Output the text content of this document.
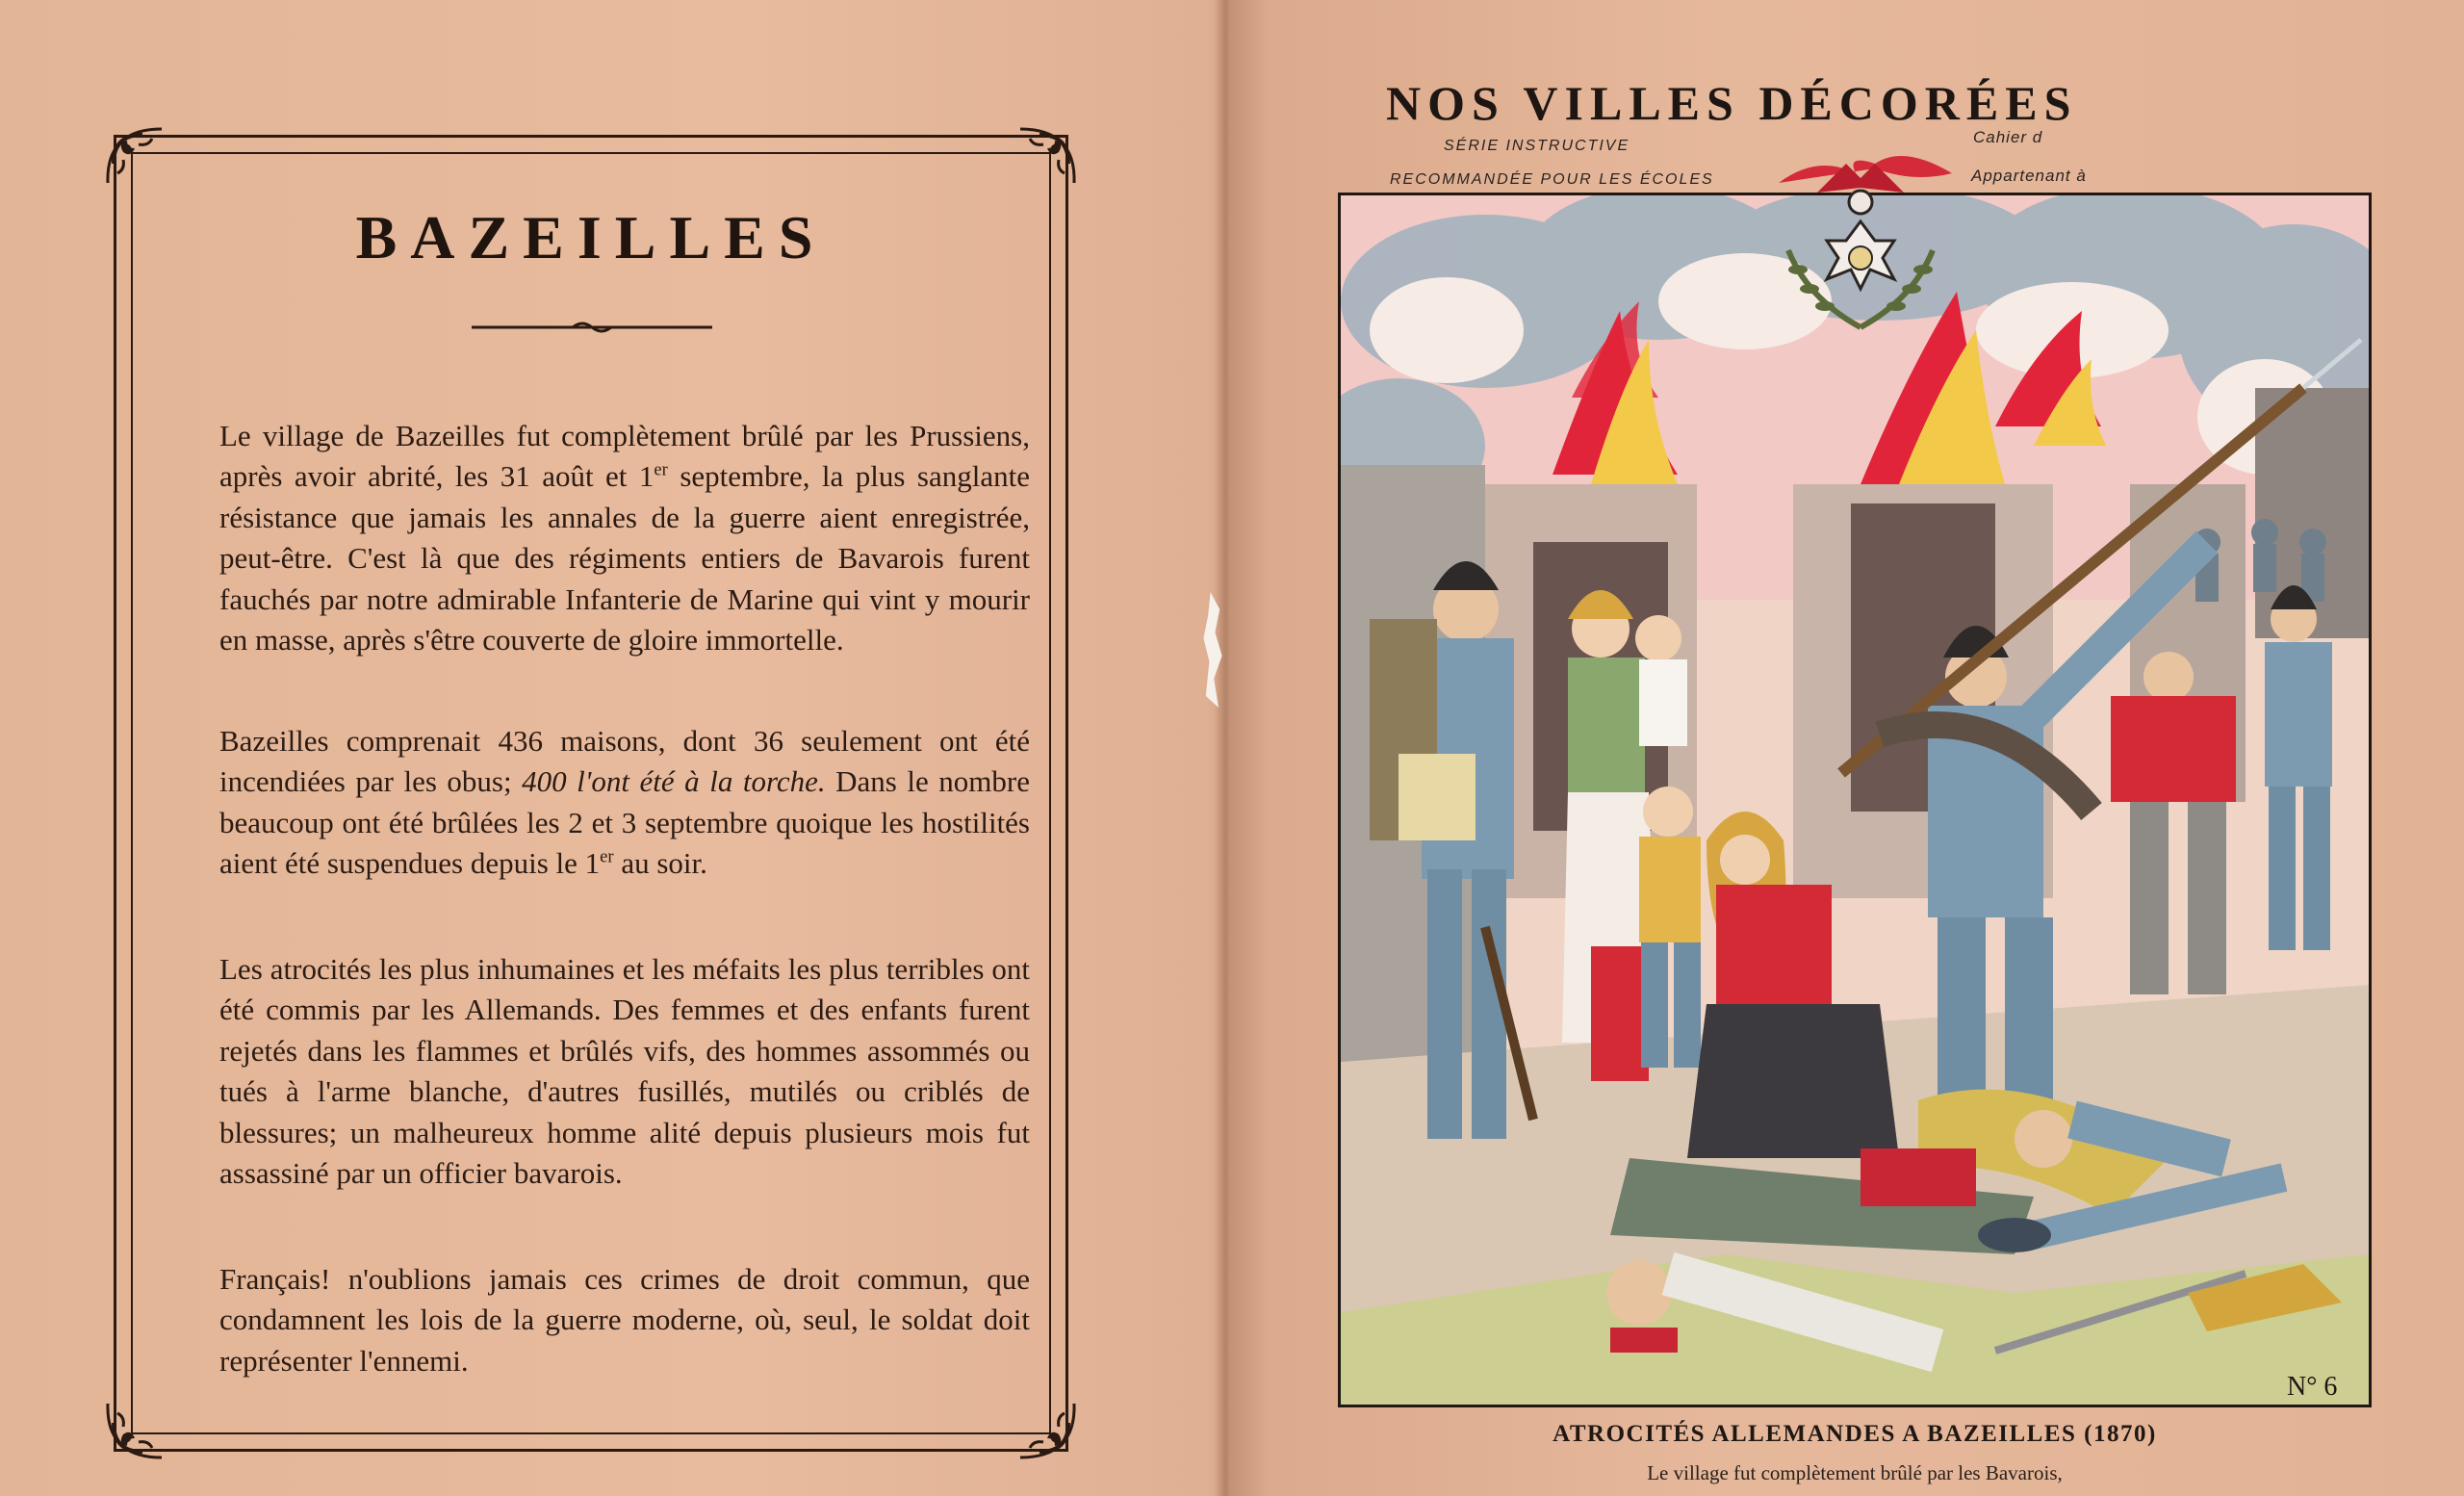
BAZEILLES

Le village de Bazeilles fut complètement brûlé par les Prussiens, après avoir abrité, les 31 août et 1er septembre, la plus sanglante résistance que jamais les annales de la guerre aient enregistrée, peut-être. C'est là que des régiments entiers de Bavarois furent fauchés par notre admirable Infanterie de Marine qui vint y mourir en masse, après s'être couverte de gloire immortelle.

Bazeilles comprenait 436 maisons, dont 36 seulement ont été incendiées par les obus; 400 l'ont été à la torche. Dans le nombre beaucoup ont été brûlées les 2 et 3 septembre quoique les hostilités aient été suspendues depuis le 1er au soir.

Les atrocités les plus inhumaines et les méfaits les plus terribles ont été commis par les Allemands. Des femmes et des enfants furent rejetés dans les flammes et brûlés vifs, des hommes assommés ou tués à l'arme blanche, d'autres fusillés, mutilés ou criblés de blessures; un malheureux homme alité depuis plusieurs mois fut assassiné par un officier bavarois.

Français! n'oublions jamais ces crimes de droit commun, que condamnent les lois de la guerre moderne, où, seul, le soldat doit représenter l'ennemi.

NOS VILLES DÉCORÉES
SÉRIE INSTRUCTIVE
RECOMMANDÉE POUR LES ÉCOLES
Cahier d
Appartenant à
N° 6
ATROCITÉS ALLEMANDES A BAZEILLES (1870)
Le village fut complètement brûlé par les Bavarois,
